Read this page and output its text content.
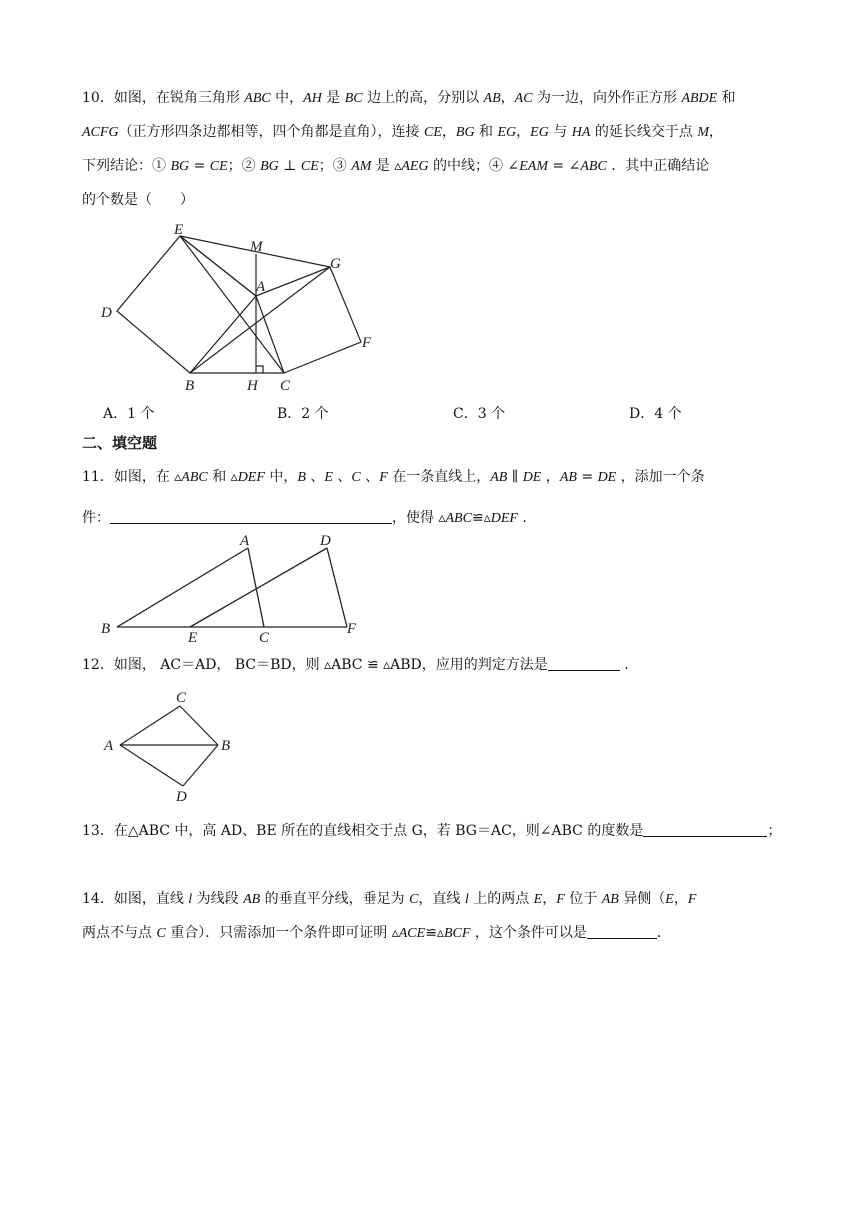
10．如图，在锐角三角形 ABC 中，AH 是 BC 边上的高，分别以 AB，AC 为一边，向外作正方形 ABDE 和
ACFG（正方形四条边都相等，四个角都是直角），连接 CE，BG 和 EG，EG 与 HA 的延长线交于点 M，
下列结论：① BG = CE；② BG ⊥ CE；③ AM 是 ▵AEG 的中线；④ ∠EAM = ∠ABC ．其中正确结论
的个数是（　　）
E
M
G
A
D
F
B	H C
A．1 个	B．2 个	C．3 个	D．4 个
二、填空题
11．如图，在 ▵ABC 和 ▵DEF 中，B 、E 、C 、F 在一条直线上，AB ∥ DE ，AB = DE ，添加一个条
件：	，使得 ▵ABC≌▵DEF .
A	D
B
E	C
F
12．如图， AC＝AD， BC＝BD，则 ▵ABC ≌ ▵ABD，应用的判定方法是	.
C
A	B
D
13．在△ABC 中，高 AD、BE 所在的直线相交于点 G，若 BG＝AC，则∠ABC 的度数是	；
14．如图，直线 l 为线段 AB 的垂直平分线，垂足为 C，直线 l 上的两点 E，F 位于 AB 异侧（E，F
两点不与点 C 重合）．只需添加一个条件即可证明 ▵ACE≌▵BCF ，这个条件可以是	．
